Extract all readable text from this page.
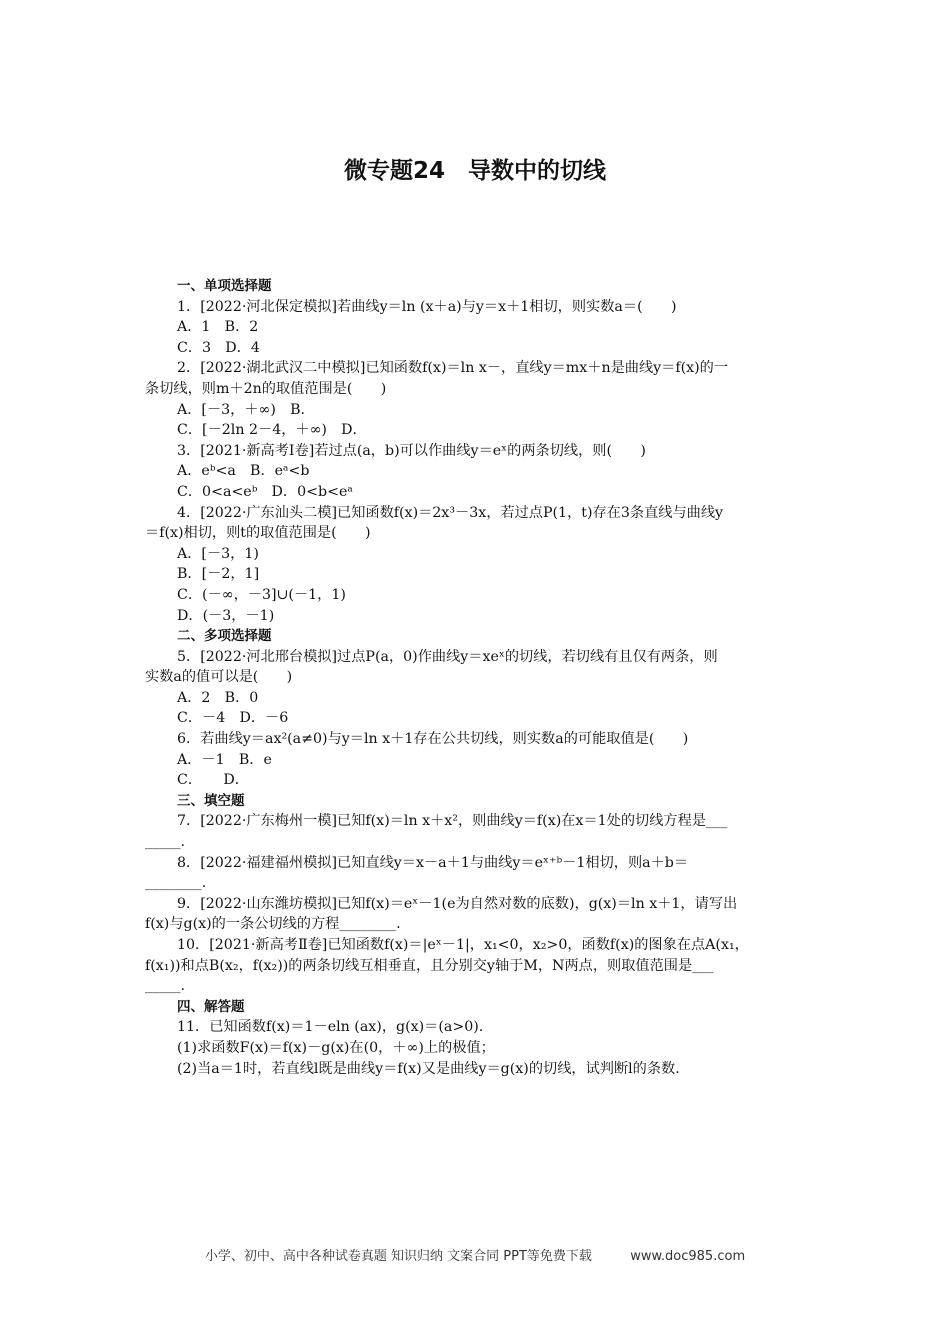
微专题24　导数中的切线
一、单项选择题
1．[2022·河北保定模拟]若曲线y＝ln (x＋a)与y＝x＋1相切，则实数a＝(　　)
A．1　B．2
C．3　D．4
2．[2022·湖北武汉二中模拟]已知函数f(x)＝ln x－，直线y＝mx＋n是曲线y＝f(x)的一
条切线，则m＋2n的取值范围是(　　)
A．[－3，＋∞)　B．
C．[－2ln 2－4，＋∞)　D．
3．[2021·新高考Ⅰ卷]若过点(a，b)可以作曲线y＝eˣ的两条切线，则(　　)
A．eᵇ<a　B．eᵃ<b
C．0<a<eᵇ　D．0<b<eᵃ
4．[2022·广东汕头二模]已知函数f(x)＝2x³－3x，若过点P(1，t)存在3条直线与曲线y
＝f(x)相切，则t的取值范围是(　　)
A．[－3，1)
B．[－2，1]
C．(－∞，－3]∪(－1，1)
D．(－3，－1)
二、多项选择题
5．[2022·河北邢台模拟]过点P(a，0)作曲线y＝xeˣ的切线，若切线有且仅有两条，则
实数a的值可以是(　　)
A．2　B．0
C．－4　D．－6
6．若曲线y＝ax²(a≠0)与y＝ln x＋1存在公共切线，则实数a的可能取值是(　　)
A．－1　B．e
C．　　D．
三、填空题
7．[2022·广东梅州一模]已知f(x)＝ln x＋x²，则曲线y＝f(x)在x＝1处的切线方程是___
_____.
8．[2022·福建福州模拟]已知直线y＝x－a＋1与曲线y＝eˣ⁺ᵇ－1相切，则a＋b＝
________.
9．[2022·山东潍坊模拟]已知f(x)＝eˣ－1(e为自然对数的底数)，g(x)＝ln x＋1，请写出
f(x)与g(x)的一条公切线的方程________.
10．[2021·新高考Ⅱ卷]已知函数f(x)＝|eˣ－1|，x₁<0，x₂>0，函数f(x)的图象在点A(x₁，
f(x₁))和点B(x₂，f(x₂))的两条切线互相垂直，且分别交y轴于M，N两点，则取值范围是___
_____.
四、解答题
11．已知函数f(x)＝1－eln (ax)，g(x)＝(a>0).
(1)求函数F(x)＝f(x)－g(x)在(0，＋∞)上的极值；
(2)当a＝1时，若直线l既是曲线y＝f(x)又是曲线y＝g(x)的切线，试判断l的条数.
小学、初中、高中各种试卷真题 知识归纳 文案合同 PPT等免费下载	www.doc985.com
